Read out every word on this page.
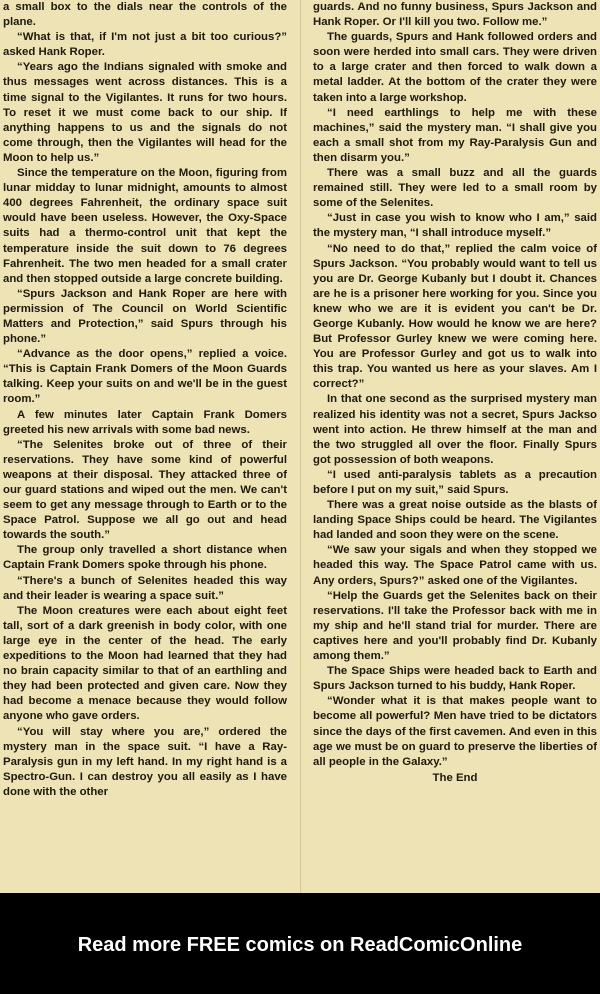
a small box to the dials near the controls of the plane.

“What is that, if I'm not just a bit too curious?” asked Hank Roper.

“Years ago the Indians signaled with smoke and thus messages went across distances. This is a time signal to the Vigilantes. It runs for two hours. To reset it we must come back to our ship. If anything happens to us and the signals do not come through, then the Vigilantes will head for the Moon to help us.”

Since the temperature on the Moon, figuring from lunar midday to lunar midnight, amounts to almost 400 degrees Fahrenheit, the ordinary space suit would have been useless. However, the Oxy-Space suits had a thermo-control unit that kept the temperature inside the suit down to 76 degrees Fahrenheit. The two men headed for a small crater and then stopped outside a large concrete building.

“Spurs Jackson and Hank Roper are here with permission of The Council on World Scientific Matters and Protection,” said Spurs through his phone.”

“Advance as the door opens,” replied a voice. “This is Captain Frank Domers of the Moon Guards talking. Keep your suits on and we'll be in the guest room.”

A few minutes later Captain Frank Domers greeted his new arrivals with some bad news.

“The Selenites broke out of three of their reservations. They have some kind of powerful weapons at their disposal. They attacked three of our guard stations and wiped out the men. We can't seem to get any message through to Earth or to the Space Patrol. Suppose we all go out and head towards the south.”

The group only travelled a short distance when Captain Frank Domers spoke through his phone.

“There's a bunch of Selenites headed this way and their leader is wearing a space suit.”

The Moon creatures were each about eight feet tall, sort of a dark greenish in body color, with one large eye in the center of the head. The early expeditions to the Moon had learned that they had no brain capacity similar to that of an earthling and they had been protected and given care. Now they had become a menace because they would follow anyone who gave orders.

“You will stay where you are,” ordered the mystery man in the space suit. “I have a Ray-Paralysis gun in my left hand. In my right hand is a Spectro-Gun. I can destroy you all easily as I have done with the other

guards. And no funny business, Spurs Jackson and Hank Roper. Or I'll kill you two. Follow me.”

The guards, Spurs and Hank followed orders and soon were herded into small cars. They were driven to a large crater and then forced to walk down a metal ladder. At the bottom of the crater they were taken into a large workshop.

“I need earthlings to help me with these machines,” said the mystery man. “I shall give you each a small shot from my Ray-Paralysis Gun and then disarm you.”

There was a small buzz and all the guards remained still. They were led to a small room by some of the Selenites.

“Just in case you wish to know who I am,” said the mystery man, “I shall introduce myself.”

“No need to do that,” replied the calm voice of Spurs Jackson. “You probably would want to tell us you are Dr. George Kubanly but I doubt it. Chances are he is a prisoner here working for you. Since you knew who we are it is evident you can't be Dr. George Kubanly. How would he know we are here? But Professor Gurley knew we were coming here. You are Professor Gurley and got us to walk into this trap. You wanted us here as your slaves. Am I correct?”

In that one second as the surprised mystery man realized his identity was not a secret, Spurs Jackso went into action. He threw himself at the man and the two struggled all over the floor. Finally Spurs got possession of both weapons.

“I used anti-paralysis tablets as a precaution before I put on my suit,” said Spurs.

There was a great noise outside as the blasts of landing Space Ships could be heard. The Vigilantes had landed and soon they were on the scene.

“We saw your sigals and when they stopped we headed this way. The Space Patrol came with us. Any orders, Spurs?” asked one of the Vigilantes.

“Help the Guards get the Selenites back on their reservations. I'll take the Professor back with me in my ship and he'll stand trial for murder. There are captives here and you'll probably find Dr. Kubanly among them.”

The Space Ships were headed back to Earth and Spurs Jackson turned to his buddy, Hank Roper.

“Wonder what it is that makes people want to become all powerful? Men have tried to be dictators since the days of the first cavemen. And even in this age we must be on guard to preserve the liberties of all people in the Galaxy.”

The End

Read more FREE comics on ReadComicOnline
